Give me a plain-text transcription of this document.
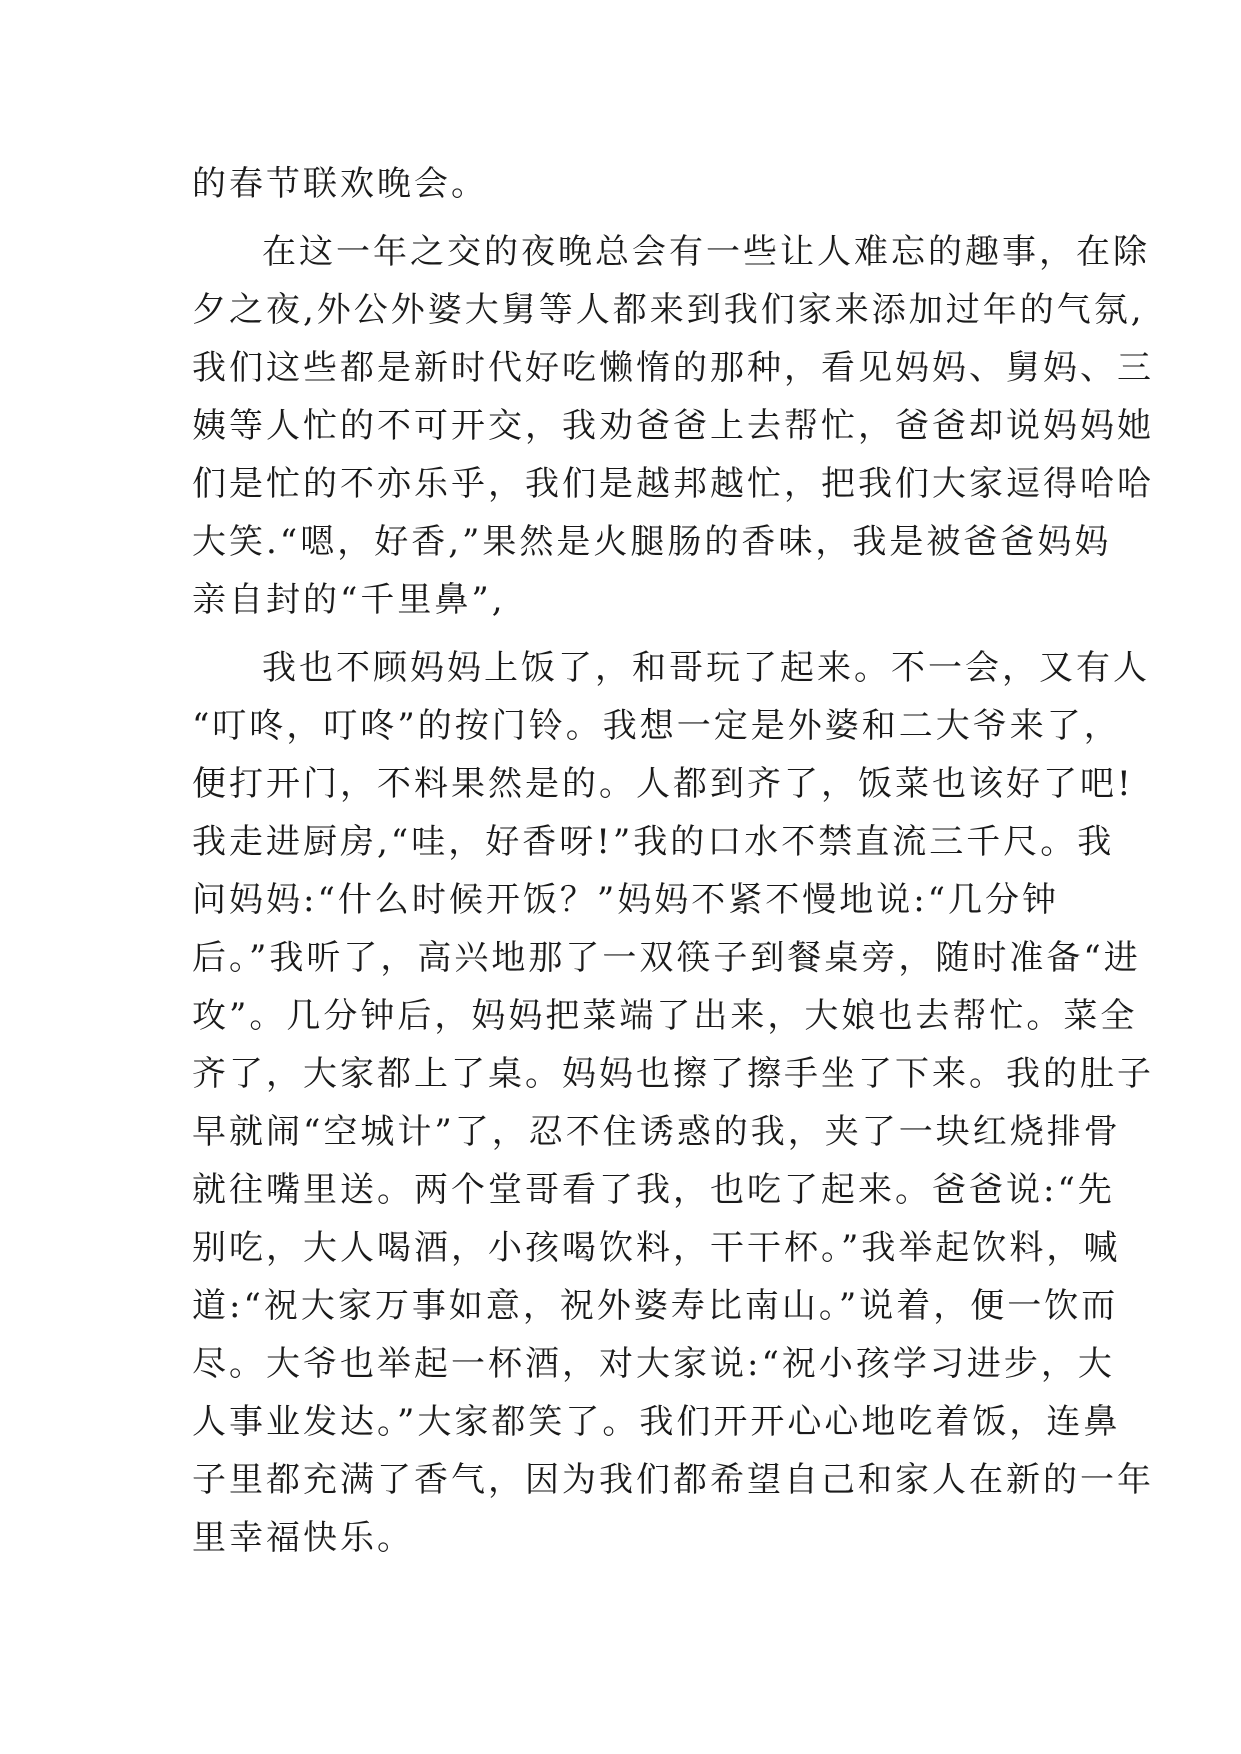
的春节联欢晚会。
在这一年之交的夜晚总会有一些让人难忘的趣事，在除
夕之夜,外公外婆大舅等人都来到我们家来添加过年的气氛,
我们这些都是新时代好吃懒惰的那种，看见妈妈、舅妈、三
姨等人忙的不可开交，我劝爸爸上去帮忙，爸爸却说妈妈她
们是忙的不亦乐乎，我们是越邦越忙，把我们大家逗得哈哈
大笑.“嗯，好香,”果然是火腿肠的香味，我是被爸爸妈妈
亲自封的“千里鼻”,
我也不顾妈妈上饭了，和哥玩了起来。不一会，又有人
“叮咚，叮咚”的按门铃。我想一定是外婆和二大爷来了，
便打开门，不料果然是的。人都到齐了，饭菜也该好了吧!
我走进厨房,“哇，好香呀!”我的口水不禁直流三千尺。我
问妈妈:“什么时候开饭？”妈妈不紧不慢地说:“几分钟
后。”我听了，高兴地那了一双筷子到餐桌旁，随时准备“进
攻”。几分钟后，妈妈把菜端了出来，大娘也去帮忙。菜全
齐了，大家都上了桌。妈妈也擦了擦手坐了下来。我的肚子
早就闹“空城计”了，忍不住诱惑的我，夹了一块红烧排骨
就往嘴里送。两个堂哥看了我，也吃了起来。爸爸说:“先
别吃，大人喝酒，小孩喝饮料，干干杯。”我举起饮料，喊
道:“祝大家万事如意，祝外婆寿比南山。”说着，便一饮而
尽。大爷也举起一杯酒，对大家说:“祝小孩学习进步，大
人事业发达。”大家都笑了。我们开开心心地吃着饭，连鼻
子里都充满了香气，因为我们都希望自己和家人在新的一年
里幸福快乐。
